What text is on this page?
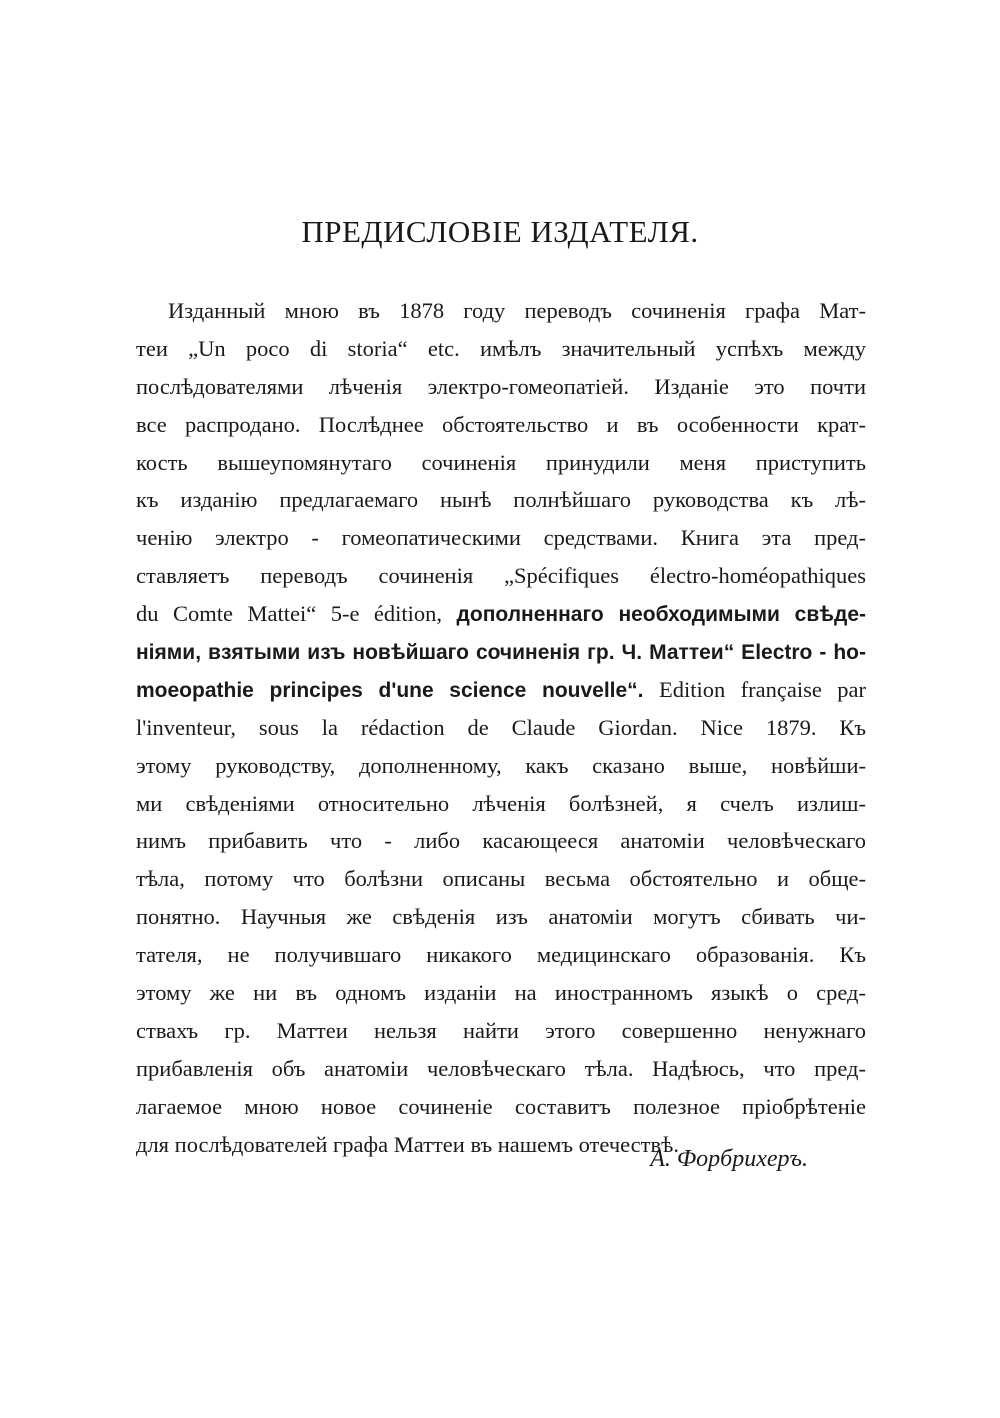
ПРЕДИСЛОВІЕ ИЗДАТЕЛЯ.
Изданный мною въ 1878 году переводъ сочиненія графа Мат-
теи „Un poco di storia“ etc. имѣлъ значительный успѣхъ между
послѣдователями лѣченія электро-гомеопатіей. Изданіе это почти
все распродано. Послѣднее обстоятельство и въ особенности крат-
кость вышеупомянутаго сочиненія принудили меня приступить
къ изданію предлагаемаго нынѣ полнѣйшаго руководства къ лѣ-
ченію электро - гомеопатическими средствами. Книга эта пред-
ставляетъ переводъ сочиненія „Spécifiques électro-homéopathiques
du Comte Mattei“ 5-e édition, дополненнаго необходимыми свѣде-
ніями, взятыми изъ новѣйшаго сочиненія гр. Ч. Маттеи“ Electro - ho-
moeopathie principes d'une science nouvelle“. Edition française par
l'inventeur, sous la rédaction de Claude Giordan. Nice 1879. Къ
этому руководству, дополненному, какъ сказано выше, новѣйши-
ми свѣденіями относительно лѣченія болѣзней, я счелъ излиш-
нимъ прибавить что - либо касающееся анатоміи человѣческаго
тѣла, потому что болѣзни описаны весьма обстоятельно и обще-
понятно. Научныя же свѣденія изъ анатоміи могутъ сбивать чи-
тателя, не получившаго никакого медицинскаго образованія. Къ
этому же ни въ одномъ изданіи на иностранномъ языкѣ о сред-
ствахъ гр. Маттеи нельзя найти этого совершенно ненужнаго
прибавленія объ анатоміи человѣческаго тѣла. Надѣюсь, что пред-
лагаемое мною новое сочиненіе составитъ полезное пріобрѣтеніе
для послѣдователей графа Маттеи въ нашемъ отечествѣ.

А. Форбрихеръ.
